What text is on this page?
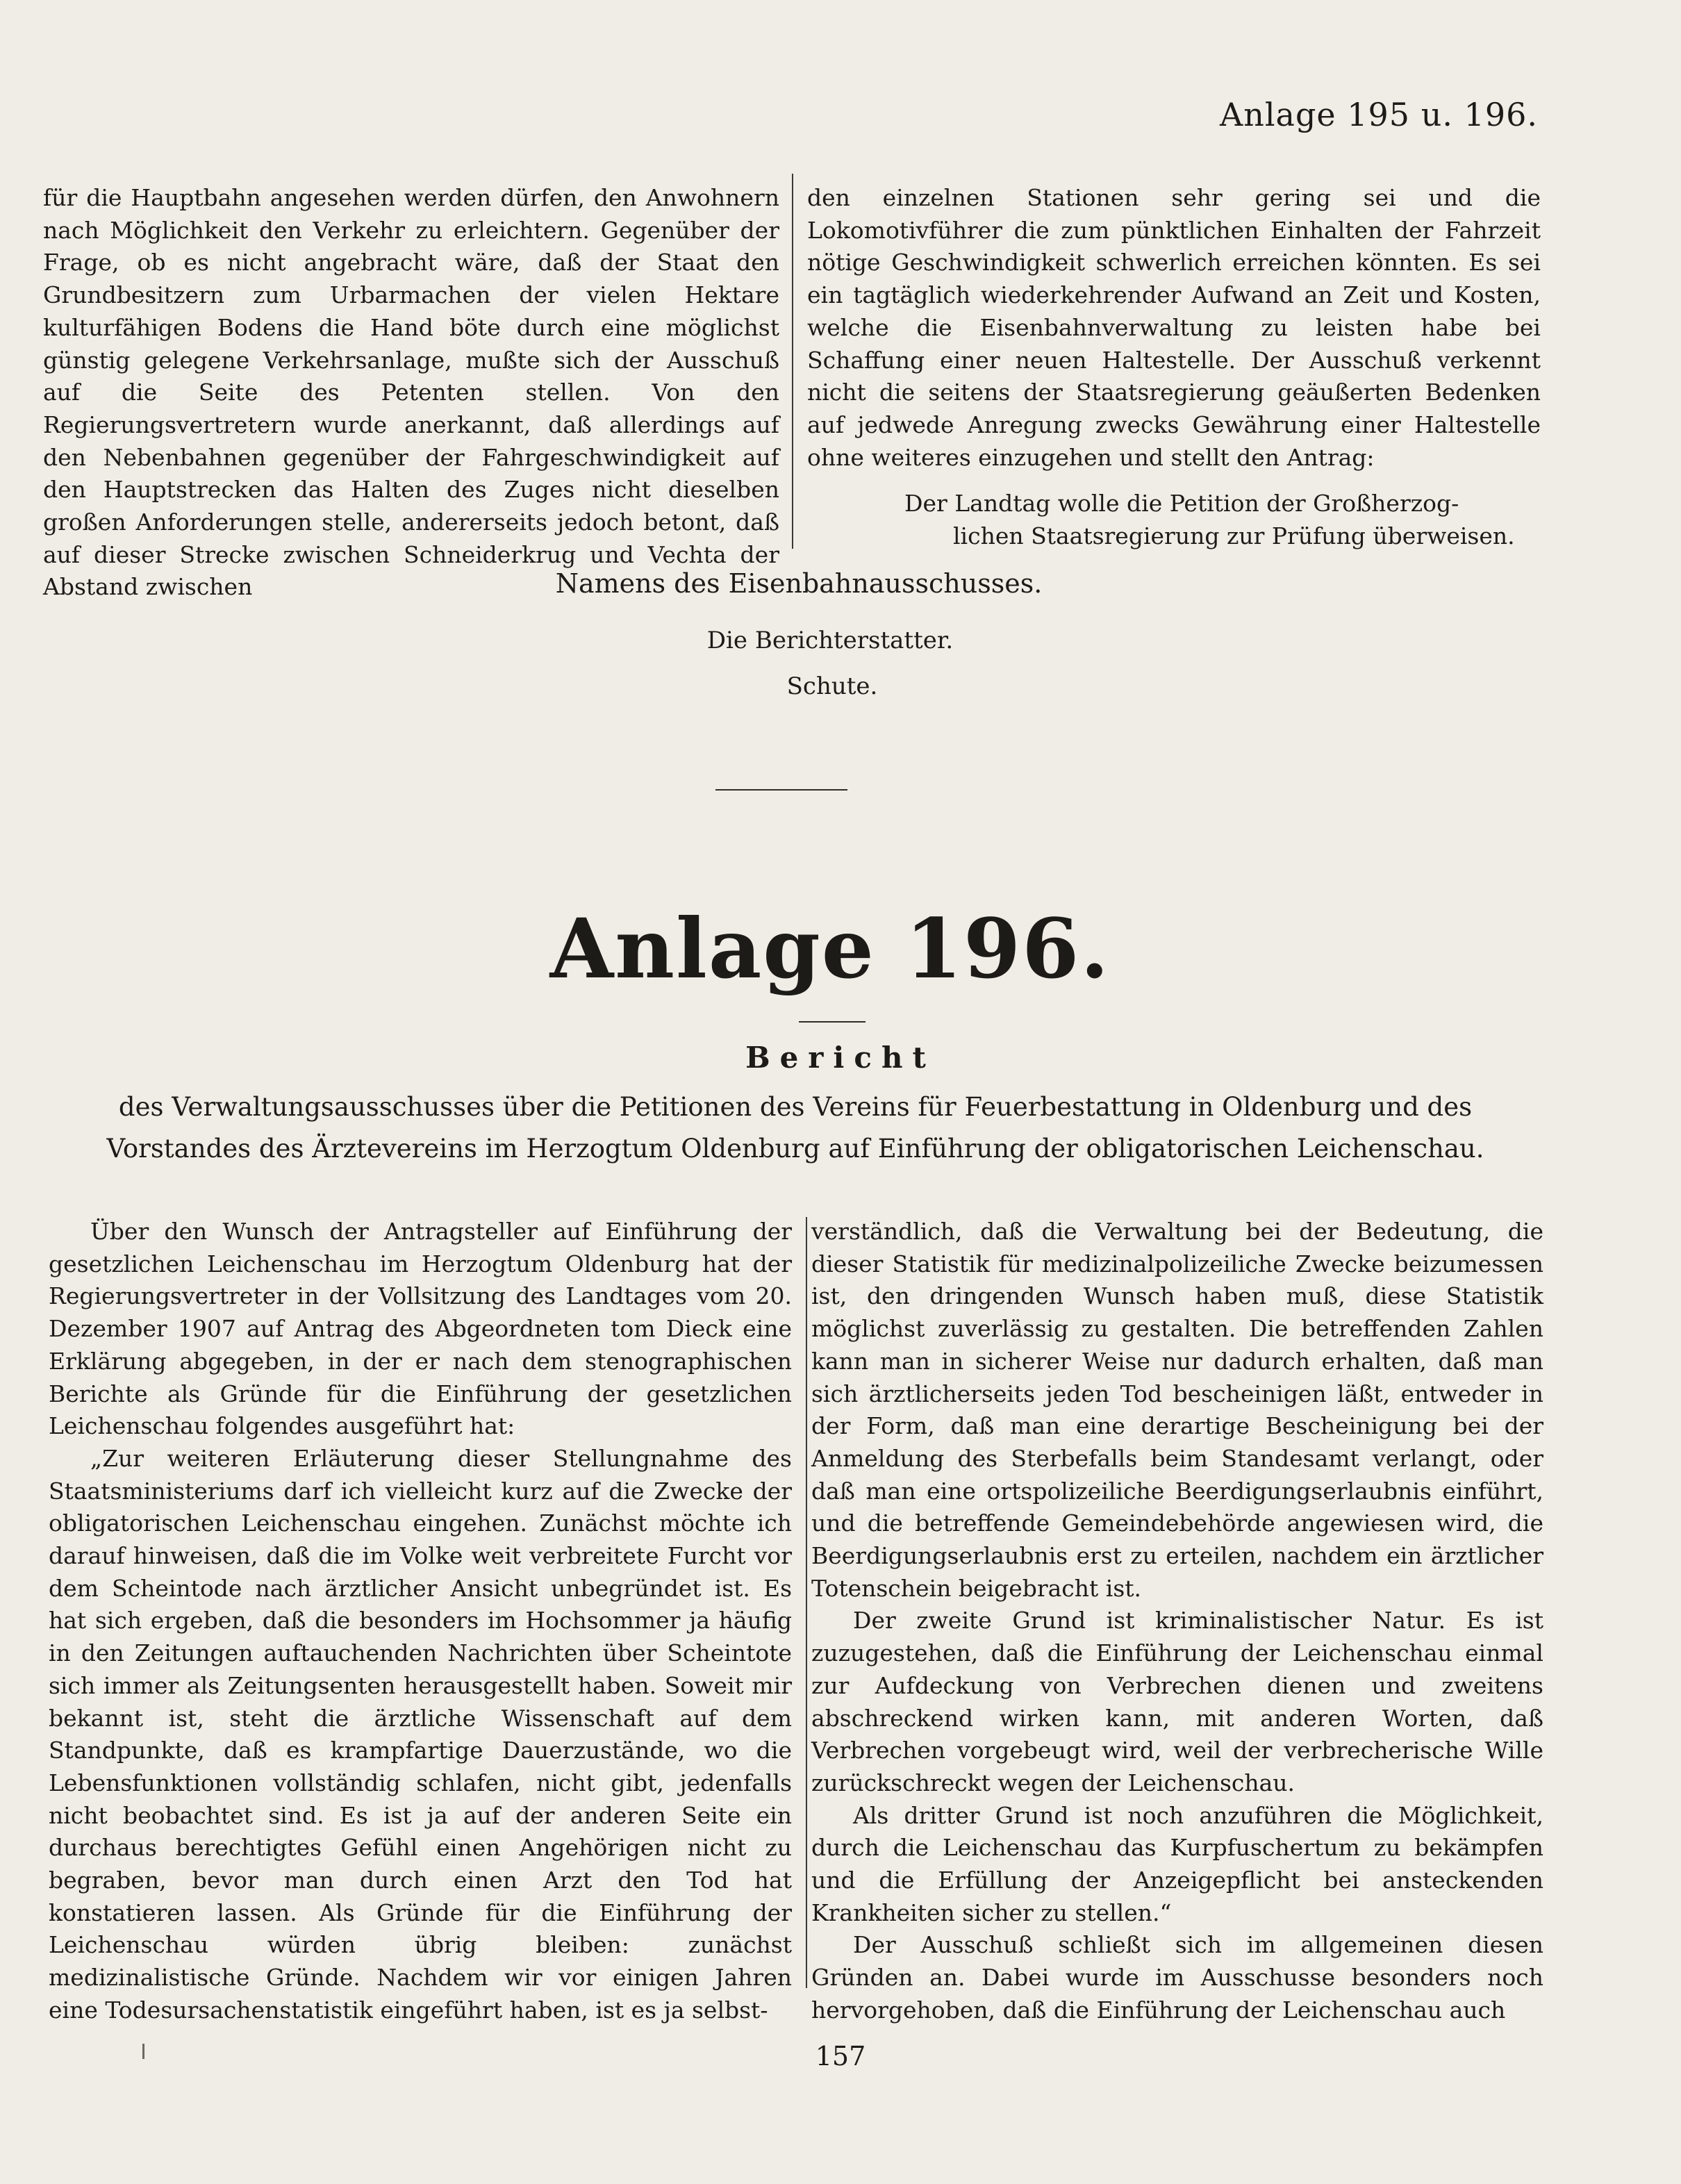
Anlage 195 u. 196.

für die Hauptbahn angesehen werden dürfen, den Anwohnern nach Möglichkeit den Verkehr zu erleichtern. Gegenüber der Frage, ob es nicht angebracht wäre, daß der Staat den Grundbesitzern zum Urbarmachen der vielen Hektare kulturfähigen Bodens die Hand böte durch eine möglichst günstig gelegene Verkehrsanlage, mußte sich der Ausschuß auf die Seite des Petenten stellen. Von den Regierungsvertretern wurde anerkannt, daß allerdings auf den Nebenbahnen gegenüber der Fahrgeschwindigkeit auf den Hauptstrecken das Halten des Zuges nicht dieselben großen Anforderungen stelle, andererseits jedoch betont, daß auf dieser Strecke zwischen Schneiderkrug und Vechta der Abstand zwischen

den einzelnen Stationen sehr gering sei und die Lokomotivführer die zum pünktlichen Einhalten der Fahrzeit nötige Geschwindigkeit schwerlich erreichen könnten. Es sei ein tagtäglich wiederkehrender Aufwand an Zeit und Kosten, welche die Eisenbahnverwaltung zu leisten habe bei Schaffung einer neuen Haltestelle. Der Ausschuß verkennt nicht die seitens der Staatsregierung geäußerten Bedenken auf jedwede Anregung zwecks Gewährung einer Haltestelle ohne weiteres einzugehen und stellt den Antrag:

Der Landtag wolle die Petition der Großherzog-

lichen Staatsregierung zur Prüfung überweisen.

Namens des Eisenbahnausschusses.
Die Berichterstatter.
Schute.
Anlage 196.
Bericht
des Verwaltungsausschusses über die Petitionen des Vereins für Feuerbestattung in Oldenburg und des
Vorstandes des Ärztevereins im Herzogtum Oldenburg auf Einführung der obligatorischen Leichenschau.

Über den Wunsch der Antragsteller auf Einführung der gesetzlichen Leichenschau im Herzogtum Oldenburg hat der Regierungsvertreter in der Vollsitzung des Landtages vom 20. Dezember 1907 auf Antrag des Abgeordneten tom Dieck eine Erklärung abgegeben, in der er nach dem stenographischen Berichte als Gründe für die Einführung der gesetzlichen Leichenschau folgendes ausgeführt hat:

„Zur weiteren Erläuterung dieser Stellungnahme des Staatsministeriums darf ich vielleicht kurz auf die Zwecke der obligatorischen Leichenschau eingehen. Zunächst möchte ich darauf hinweisen, daß die im Volke weit verbreitete Furcht vor dem Scheintode nach ärztlicher Ansicht unbegründet ist. Es hat sich ergeben, daß die besonders im Hochsommer ja häufig in den Zeitungen auftauchenden Nachrichten über Scheintote sich immer als Zeitungsenten herausgestellt haben. Soweit mir bekannt ist, steht die ärztliche Wissenschaft auf dem Standpunkte, daß es krampfartige Dauerzustände, wo die Lebensfunktionen vollständig schlafen, nicht gibt, jedenfalls nicht beobachtet sind. Es ist ja auf der anderen Seite ein durchaus berechtigtes Gefühl einen Angehörigen nicht zu begraben, bevor man durch einen Arzt den Tod hat konstatieren lassen. Als Gründe für die Einführung der Leichenschau würden übrig bleiben: zunächst medizinalistische Gründe. Nachdem wir vor einigen Jahren eine Todesursachenstatistik eingeführt haben, ist es ja selbst-

verständlich, daß die Verwaltung bei der Bedeutung, die dieser Statistik für medizinalpolizeiliche Zwecke beizumessen ist, den dringenden Wunsch haben muß, diese Statistik möglichst zuverlässig zu gestalten. Die betreffenden Zahlen kann man in sicherer Weise nur dadurch erhalten, daß man sich ärztlicherseits jeden Tod bescheinigen läßt, entweder in der Form, daß man eine derartige Bescheinigung bei der Anmeldung des Sterbefalls beim Standesamt verlangt, oder daß man eine ortspolizeiliche Beerdigungserlaubnis einführt, und die betreffende Gemeindebehörde angewiesen wird, die Beerdigungserlaubnis erst zu erteilen, nachdem ein ärztlicher Totenschein beigebracht ist.

Der zweite Grund ist kriminalistischer Natur. Es ist zuzugestehen, daß die Einführung der Leichenschau einmal zur Aufdeckung von Verbrechen dienen und zweitens abschreckend wirken kann, mit anderen Worten, daß Verbrechen vorgebeugt wird, weil der verbrecherische Wille zurückschreckt wegen der Leichenschau.

Als dritter Grund ist noch anzuführen die Möglichkeit, durch die Leichenschau das Kurpfuschertum zu bekämpfen und die Erfüllung der Anzeigepflicht bei ansteckenden Krankheiten sicher zu stellen.“

Der Ausschuß schließt sich im allgemeinen diesen Gründen an. Dabei wurde im Ausschusse besonders noch hervorgehoben, daß die Einführung der Leichenschau auch

157
